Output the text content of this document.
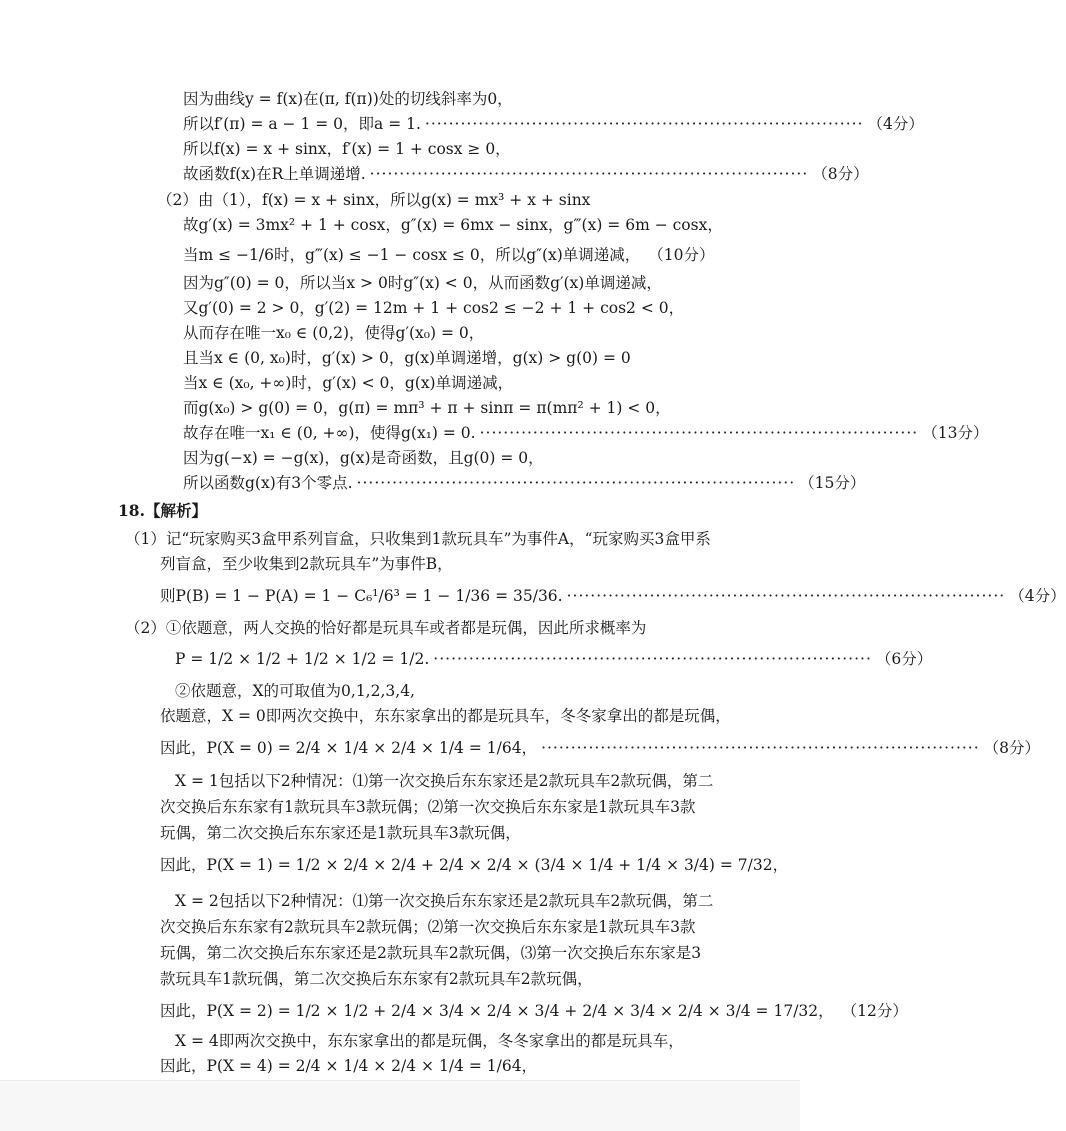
因为曲线y = f(x)在(π, f(π))处的切线斜率为0，
所以f′(π) = a − 1 = 0，即a = 1. ·········································································· （4分）
所以f(x) = x + sinx，f′(x) = 1 + cosx ≥ 0，
故函数f(x)在R上单调递增. ·········································································· （8分）
（2）由（1），f(x) = x + sinx，所以g(x) = mx³ + x + sinx
故g′(x) = 3mx² + 1 + cosx，g″(x) = 6mx − sinx，g‴(x) = 6m − cosx，
当m ≤ −1/6时，g‴(x) ≤ −1 − cosx ≤ 0，所以g″(x)单调递减， （10分）
因为g″(0) = 0，所以当x > 0时g″(x) < 0，从而函数g′(x)单调递减，
又g′(0) = 2 > 0，g′(2) = 12m + 1 + cos2 ≤ −2 + 1 + cos2 < 0，
从而存在唯一x₀ ∈ (0,2)，使得g′(x₀) = 0，
且当x ∈ (0, x₀)时，g′(x) > 0，g(x)单调递增，g(x) > g(0) = 0
当x ∈ (x₀, +∞)时，g′(x) < 0，g(x)单调递减，
而g(x₀) > g(0) = 0，g(π) = mπ³ + π + sinπ = π(mπ² + 1) < 0，
故存在唯一x₁ ∈ (0, +∞)，使得g(x₁) = 0. ·········································································· （13分）
因为g(−x) = −g(x)，g(x)是奇函数，且g(0) = 0，
所以函数g(x)有3个零点. ·········································································· （15分）
18.【解析】
（1）记“玩家购买3盒甲系列盲盒，只收集到1款玩具车”为事件A，“玩家购买3盒甲系
列盲盒，至少收集到2款玩具车”为事件B，
则P(B) = 1 − P(A) = 1 − C₆¹/6³ = 1 − 1/36 = 35/36. ·········································································· （4分）
（2）①依题意，两人交换的恰好都是玩具车或者都是玩偶，因此所求概率为
P = 1/2 × 1/2 + 1/2 × 1/2 = 1/2. ·········································································· （6分）
②依题意，X的可取值为0,1,2,3,4,
依题意，X = 0即两次交换中，东东家拿出的都是玩具车，冬冬家拿出的都是玩偶，
因此，P(X = 0) = 2/4 × 1/4 × 2/4 × 1/4 = 1/64， ·········································································· （8分）
X = 1包括以下2种情况：⑴第一次交换后东东家还是2款玩具车2款玩偶，第二
次交换后东东家有1款玩具车3款玩偶；⑵第一次交换后东东家是1款玩具车3款
玩偶，第二次交换后东东家还是1款玩具车3款玩偶，
因此，P(X = 1) = 1/2 × 2/4 × 2/4 + 2/4 × 2/4 × (3/4 × 1/4 + 1/4 × 3/4) = 7/32，
X = 2包括以下2种情况：⑴第一次交换后东东家还是2款玩具车2款玩偶，第二
次交换后东东家有2款玩具车2款玩偶；⑵第一次交换后东东家是1款玩具车3款
玩偶，第二次交换后东东家还是2款玩具车2款玩偶，⑶第一次交换后东东家是3
款玩具车1款玩偶，第二次交换后东东家有2款玩具车2款玩偶，
因此，P(X = 2) = 1/2 × 1/2 + 2/4 × 3/4 × 2/4 × 3/4 + 2/4 × 3/4 × 2/4 × 3/4 = 17/32， （12分）
X = 4即两次交换中，东东家拿出的都是玩偶，冬冬家拿出的都是玩具车，
因此，P(X = 4) = 2/4 × 1/4 × 2/4 × 1/4 = 1/64，
